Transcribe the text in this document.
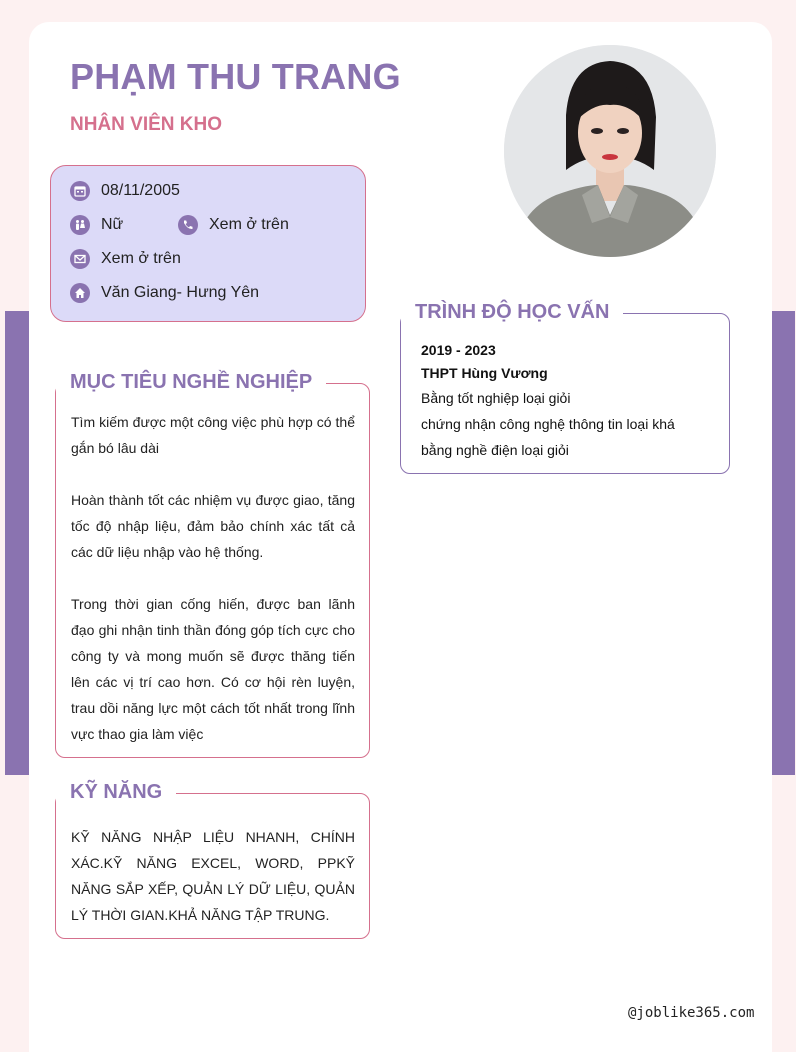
PHẠM THU TRANG
NHÂN VIÊN KHO
08/11/2005
Nữ	Xem ở trên
Xem ở trên
Văn Giang- Hưng Yên
MỤC TIÊU NGHỀ NGHIỆP

Tìm kiếm được một công việc phù hợp có thể gắn bó lâu dài

Hoàn thành tốt các nhiệm vụ được giao, tăng tốc độ nhập liệu, đảm bảo chính xác tất cả các dữ liệu nhập vào hệ thống.

Trong thời gian cống hiến, được ban lãnh đạo ghi nhận tinh thần đóng góp tích cực cho công ty và mong muốn sẽ được thăng tiến lên các vị trí cao hơn. Có cơ hội rèn luyện, trau dồi năng lực một cách tốt nhất trong lĩnh vực thao gia làm việc

KỸ NĂNG

KỸ NĂNG NHẬP LIỆU NHANH, CHÍNH XÁC.KỸ NĂNG EXCEL, WORD, PPKỸ NĂNG SẮP XẾP, QUẢN LÝ DỮ LIỆU, QUẢN LÝ THỜI GIAN.KHẢ NĂNG TẬP TRUNG.

TRÌNH ĐỘ HỌC VẤN
2019 - 2023
THPT Hùng Vương
Bằng tốt nghiệp loại giỏi
chứng nhận công nghệ thông tin loại khá
bằng nghề điện loại giỏi
@joblike365.com
